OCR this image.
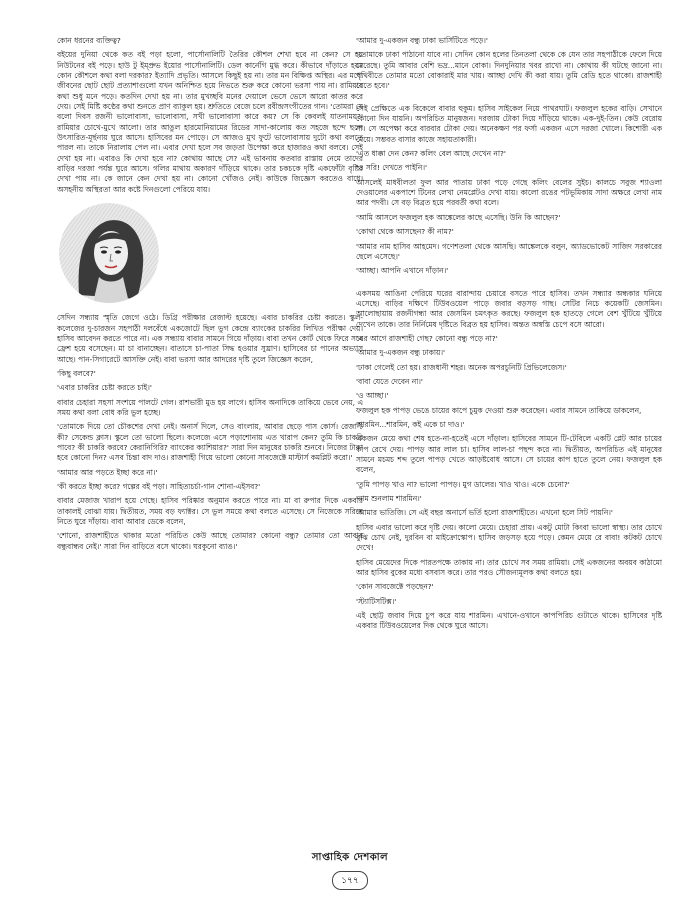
কোন ধরনের ব্যক্তিত্ব?

বইয়ের দুনিয়া থেকে কত বই পড়া হলো, পার্সোনালিটি তৈরির কৌশল শেখা হবে না কেন? সে হয় নিউটনের বই পড়ে। হাউ টু ইম্প্রুভ ইয়োর পার্সোনালিটি। ডেল কার্নেগি মুগ্ধ করে। কীভাবে দাঁড়াতে হয়? কোন কৌশলে কথা বলা দরকার? ইত্যাদি প্রভৃতি। আসলে কিছুই হয় না। তার মন বিক্ষিপ্ত অস্থির। এর মধ্যে জীবনের ছোট ছোট প্রত্যাশাগুলো যখন অনিশ্চিত হয়ে নিভতে শুরু করে কোনো ভরসা পায় না। রামিয়ার কথা শুধু মনে পড়ে। কতদিন দেখা হয় না। তার মুখচ্ছবি মনের দেয়ালে ভেসে ভেসে আরো কাতর করে দেয়। সেই মিষ্টি কণ্ঠের কথা শুনতে প্রাণ ব্যাকুল হয়। শ্রুতিতে বেজে চলে রবীন্দ্রসংগীতের গান। 'তোমরা যে বলো দিবস রজনী ভালোবাসা, ভালোবাসা, সখী ভালোবাসা কারে কয়? সে কি কেবলই যাতনাময়?' রামিয়ার চোখে-মুখে আলো। তার আঙুল হারমোনিয়ামের রিডের সাদা-কালোয় কত সহজে ছন্দে ছন্দে উৎসারিত-মূর্ছনায় ঘুরে আসে। হাসিবের মন পোড়ে। সে আজও মুখ ফুটে ভালোবাসায় দুটো কথা বলতে পারল না। তাকে নিরালায় পেল না। এবার দেখা হলে সব জড়তা উপেক্ষা করে হাজারও কথা বলবে। সেই দেখা হয় না। এবারও কি দেখা হবে না? কোথায় আছে সে? এই ভাবনায় কতবার রাস্তায় নেমে তাদের বাড়ির দরজা পর্যন্ত ঘুরে আসে। গলির মাথায় অকারণ দাঁড়িয়ে থাকে। তার চকচকে দৃষ্টি একফোঁটা বৃষ্টির দেখা পায় না। কে জানে কেন দেখা হয় না। কোনো খোঁজও নেই। কাউকে জিজ্ঞেস করতেও বাধে। অসহনীয় অস্থিরতা আর কষ্টে দিনগুলো পেরিয়ে যায়।

সেদিন সন্ধ্যায় স্মৃতি জেগে ওঠে। ডিগ্রি পরীক্ষার রেজাল্ট হয়েছে। এবার চাকরির চেষ্টা করতে। স্কুল-কলেজের দু-চারজন সহপাঠী দলবেঁধে একজোটে ছিল ভুগ কেন্দ্রে ব্যাংকের চাকরির লিখিত পরীক্ষা দেয়। হাসিব আবেদন করতে পারে না। এক সন্ধ্যায় বাবার সামনে গিয়ে দাঁড়ায়। বাবা তখন কোর্ট থেকে ফিরে সবে ফ্রেশ হয়ে বসেছেন। মা চা বানাচ্ছেন। বাতাসে চা-পাতা সিদ্ধ হওয়ার সুঘ্রাণ। হাসিবের চা পানের অভ্যাস আছে। পান-সিগারেটে আসক্তি নেই। বাবা ভরসা আর আদরের দৃষ্টি তুলে জিজ্ঞেস করেন,

'কিছু বলবে?'

'এবার চাকরির চেষ্টা করতে চাই।'

বাবার চেহারা সহসা সংশয়ে পালটে গেল। রাশভারী মুড হয় লাগে। হাসিব অনাদিকে তাকিয়ে ভেবে নেয়, এ সময় কথা বলা বোধ করি ভুল হচ্ছে।

'তোমাকে দিয়ে তো চৌকশের দেখা নেই। অনার্স দিলে, সেও বাংলায়, আবার ছেড়ে পাস কোর্স। রেজাল্ট কী? সেকেন্ড ক্লাস। স্কুলে তো ভালো ছিলে। কলেজে এসে পড়াশোনায় এত খারাপ কেন? তুমি কি চাকরি পাবে? কী চাকরি করবে? কেরানিগিরি? ব্যাংকের ক্যাশিয়ার?' সারা দিন মানুষের চাকরি শুনবে। নিজের টাকা হবে কোনো দিন? এসব চিন্তা বাদ দাও। রাজশাহী গিয়ে ভালো কোনো সাবজেক্টে মাস্টার্স কমপ্লিট করো।'

'আমার আর পড়তে ইচ্ছা করে না।'

'কী করতে ইচ্ছা করে? গল্পের বই পড়া। সাহিত্যচর্চা-গান শোনা-এইসব?'

বাবার মেজাজ খারাপ হয়ে গেছে। হাসিব পরিষ্কার অনুমান করতে পারে না। মা বা রুপার দিকে একবার তাকালই বোঝা যায়। দ্বিতীয়ত, সময় বড় ফ্যাক্টর। সে ভুল সময়ে কথা বলতে এসেছে। সে নিজেকে সরিয়ে নিতে ঘুরে দাঁড়ায়। বাবা আবার ডেকে বলেন,

'শোনো, রাজশাহীতে থাকার মতো পরিচিত কেউ আছে তোমার? কোনো বন্ধু? তোমার তো আবার বন্ধুবান্ধব নেই।' সারা দিন বাড়িতে বসে থাকো। ঘরকুনো ব্যাঙ।'

'আমার দু-একজন বন্ধু ঢাকা ভার্সিটিতে পড়ে।'

'তোমাকে ঢাকা পাঠানো যাবে না। সেদিন কোন হলের তিনতলা থেকে কে যেন তার সহপাঠীকে ফেলে দিয়ে মেরেছে। তুমি আবার বেশি ভদ্র...মানে বোকা। দিনদুনিয়ার খবর রাখো না। কোথায় কী ঘটছে জানো না। পৃথিবীতে তোমার মতো বোকারাই মার খায়। আচ্ছা দেখি কী করা যায়। তুমি রেডি হতে থাকো। রাজশাহী যেতে হবে।'

সেই প্রেক্ষিতে এক বিকেলে বাবার হুকুম। হাসিব সাইকেল নিয়ে পাথরঘাট। ফজলুল হকের বাড়ি। সেখানে কোনো দিন যায়নি। অপরিচিত মানুষজন। দরজায় টোকা দিয়ে দাঁড়িয়ে থাকে। এক-দুই-তিন। কেউ বেরোয় না। সে অপেক্ষা করে বারবার টোকা দেয়। অনেকক্ষণ পর ফর্সা একজন এসে দরজা খোলে। কিশোরী এক মেয়ে। সম্ভবত বাসার কাজে সহায়তাকারী।

'এত ধাক্কা দেন কেন? কলিং বেল আছে দেখেন না?'

'ও সরি! দেখতে পাইনি।'

আসলেই মাধবীলতা ফুল আর পাতায় ঢাকা পড়ে গেছে কলিং বেলের সুইচ। কালচে সবুজ শ্যাওলা দেওয়ালের একপাশে টিনের লেখা নেমপ্লেটও দেখা যায়। কালো রঙের পটভূমিকায় সাদা অক্ষরে লেখা নাম আর পদবী। সে বড় বিব্রত হয়ে পরবর্তী কথা বলে।

'আমি আসলে ফজলুল হক আঙ্কেলের কাছে এসেছি। উনি কি আছেন?'

'কোথা থেকে আসছেন? কী নাম?'

'আমার নাম হাসিব আহমেদ। গণেশতলা থেকে আসছি। আঙ্কেলকে বলুন, অ্যাডভোকেট সাজিদ সরকারের ছেলে এসেছে।'

'আচ্ছা। আপনি এখানে দাঁড়ান।'

একসময় আঙিনা পেরিয়ে ঘরের বারান্দায় চেয়ারে বসতে পারে হাসিব। তখন সন্ধ্যার অন্ধকার ঘনিয়ে এসেছে। বাড়ির দক্ষিণে টিউবওয়েল পাড়ে জবার বড়সড় গাছ। সেটির নিচে কয়েকটি জেসমিন। আলোছায়ায় রজনীগন্ধা আর জেসমিন চমৎকৃত করছে। ফজলুল হক হাতড়ে গেলে বেশ খুঁটিয়ে খুঁটিয়ে দেখেন তাকে। তার নির্নিমেষ দৃষ্টিতে বিব্রত হয় হাসিব। অন্তত অস্বস্তি চেপে বসে আরো।

'এর আগে রাজশাহী গেছ? কোনো বন্ধু পড়ে না?'

'আমার দু-একজন বন্ধু ঢাকায়।'

'ঢাকা গেলেই তো হয়। রাজধানী শহর। অনেক অপরচুনিটি প্রিভিলেজেস।'

'বাবা যেতে দেবেন না।'

'ও আচ্ছা।'

ফজলুল হক পাপড় ভেঙে চায়ের কাপে চুমুক দেওয়া শুরু করেছেন। এবার সামনে তাকিয়ে ডাকলেন,

'শারমিন...শারমিন, কই একে চা দাও।'

একজন মেয়ে কথা শেষ হতে-না-হতেই এসে দাঁড়াল। হাসিবের সামনে টি-টেবিলে একটি প্লেট আর চায়ের কাপ রেখে দেয়। পাপড় আর লাল চা। হাসিব লাল-চা পছন্দ করে না। দ্বিতীয়ত, অপরিচিত এই মানুষের সামনে মচমচ শব্দ তুলে পাপড় খেতে আড়ষ্টবোধ আসে। সে চায়ের কাপ হাতে তুলে নেয়। ফজলুল হক বলেন,

'তুমি পাপড় খাও না? ভালো পাপড়। মুগ ডালের। খাও খাও। একে চেনো?'

'নাম শুনলাম শারমিন।'

'আমার ভাতিজি। সে এই বছর অনার্সে ভর্তি হলো রাজশাহীতে। এখনো হলে সিট পায়নি।'

হাসিব এবার ভালো করে দৃষ্টি দেয়। কালো মেয়ে। চেহারা প্রায়। একটু মোটা কিংবা ভালো স্বাস্থ্য। তার চোখে বুঝি চোখ নেই, দুরবিন বা মাইক্রোস্কোপ। হাসিব জড়সড় হয়ে পড়ে। কেমন মেয়ে রে বাবা! কটকট চোখে দেখে!

হাসিব মেয়েদের দিকে পারতপক্ষে তাকায় না। তার চোখে সব সময় রামিয়া। সেই একজনের অবয়ব কাঠামো আর হাসিব বুকের মধ্যে বসবাস করে। তার পরও সৌজন্যমূলক কথা বলতে হয়।

'কোন সাবজেক্টে পড়ছেন?'

'স্ট্যাটিসটিক্স।'

এই ছোট্ট জবাব দিয়ে চুপ করে যায় শারমিন। এখানে-ওখানে কাপপিরিচ গুটাতে থাকে। হাসিবের দৃষ্টি একবার টিউবওয়েলের দিক থেকে ঘুরে আসে।

সাপ্তাহিক দেশকাল
১৭৭
